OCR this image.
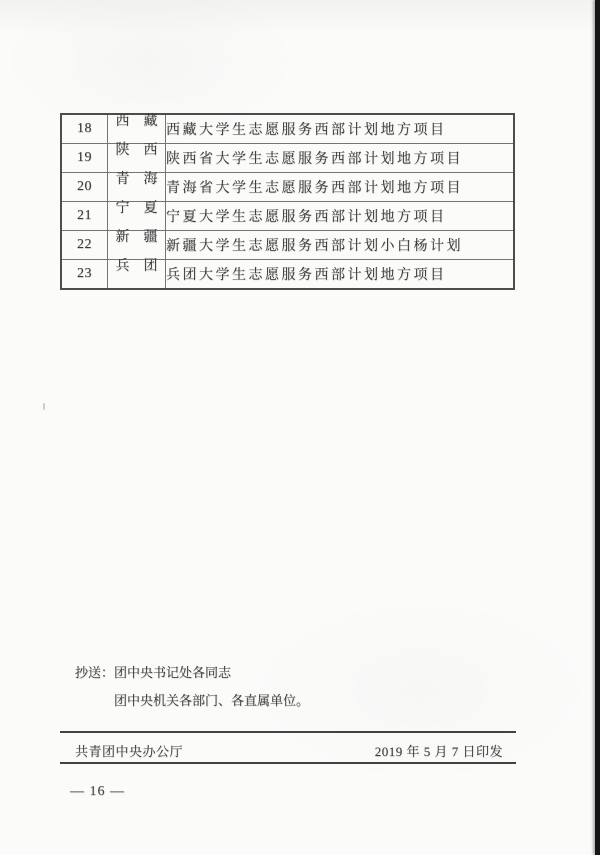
18	西藏	西藏大学生志愿服务西部计划地方项目
19	陕西	陕西省大学生志愿服务西部计划地方项目
20	青海	青海省大学生志愿服务西部计划地方项目
21	宁夏	宁夏大学生志愿服务西部计划地方项目
22	新疆	新疆大学生志愿服务西部计划小白杨计划
23	兵团	兵团大学生志愿服务西部计划地方项目
抄送： 团中央书记处各同志
团中央机关各部门、各直属单位。
共青团中央办公厅	2019 年 5 月 7 日印发
— 16 —
